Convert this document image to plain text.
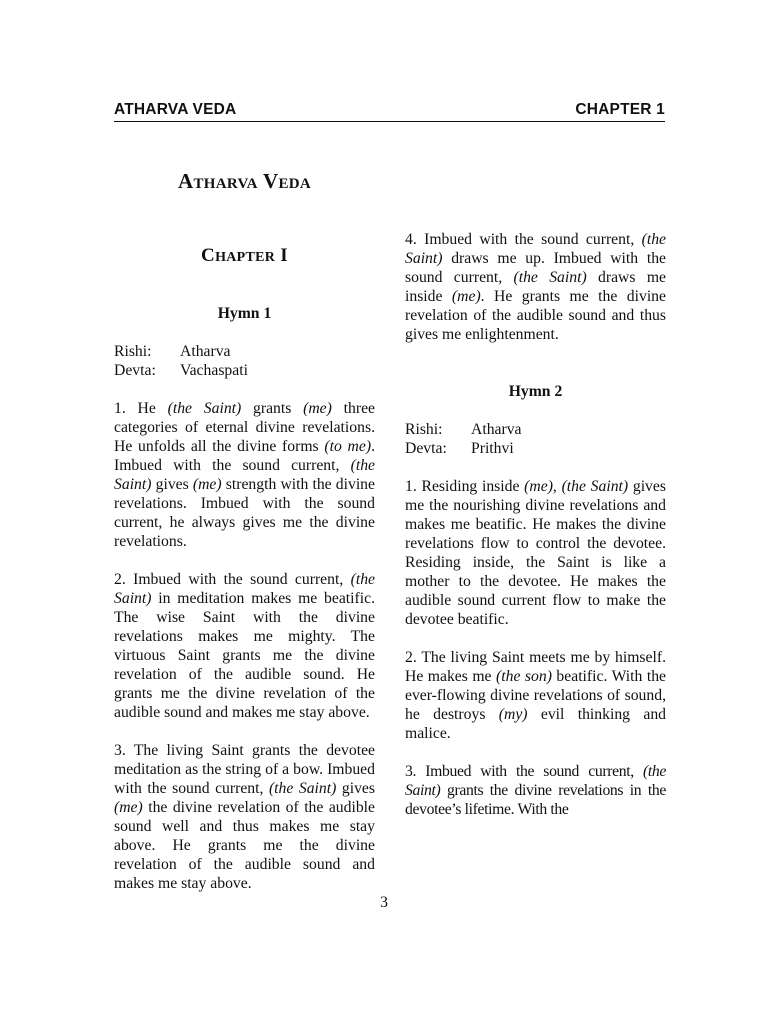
ATHARVA VEDA	CHAPTER 1
ATHARVA VEDA
CHAPTER I
Hymn 1
Rishi:	Atharva
Devta:	Vachaspati

1. He (the Saint) grants (me) three categories of eternal divine revelations. He unfolds all the divine forms (to me). Imbued with the sound current, (the Saint) gives (me) strength with the divine revelations. Imbued with the sound current, he always gives me the divine revelations.

2. Imbued with the sound current, (the Saint) in meditation makes me beatific. The wise Saint with the divine revelations makes me mighty. The virtuous Saint grants me the divine revelation of the audible sound. He grants me the divine revelation of the audible sound and makes me stay above.

3. The living Saint grants the devotee meditation as the string of a bow. Imbued with the sound current, (the Saint) gives (me) the divine revelation of the audible sound well and thus makes me stay above. He grants me the divine revelation of the audible sound and makes me stay above.

4. Imbued with the sound current, (the Saint) draws me up. Imbued with the sound current, (the Saint) draws me inside (me). He grants me the divine revelation of the audible sound and thus gives me enlightenment.

Hymn 2
Rishi:	Atharva
Devta:	Prithvi

1. Residing inside (me), (the Saint) gives me the nourishing divine revelations and makes me beatific. He makes the divine revelations flow to control the devotee. Residing inside, the Saint is like a mother to the devotee. He makes the audible sound current flow to make the devotee beatific.

2. The living Saint meets me by himself. He makes me (the son) beatific. With the ever-flowing divine revelations of sound, he destroys (my) evil thinking and malice.

3. Imbued with the sound current, (the Saint) grants the divine revelations in the devotee’s lifetime. With the

3
